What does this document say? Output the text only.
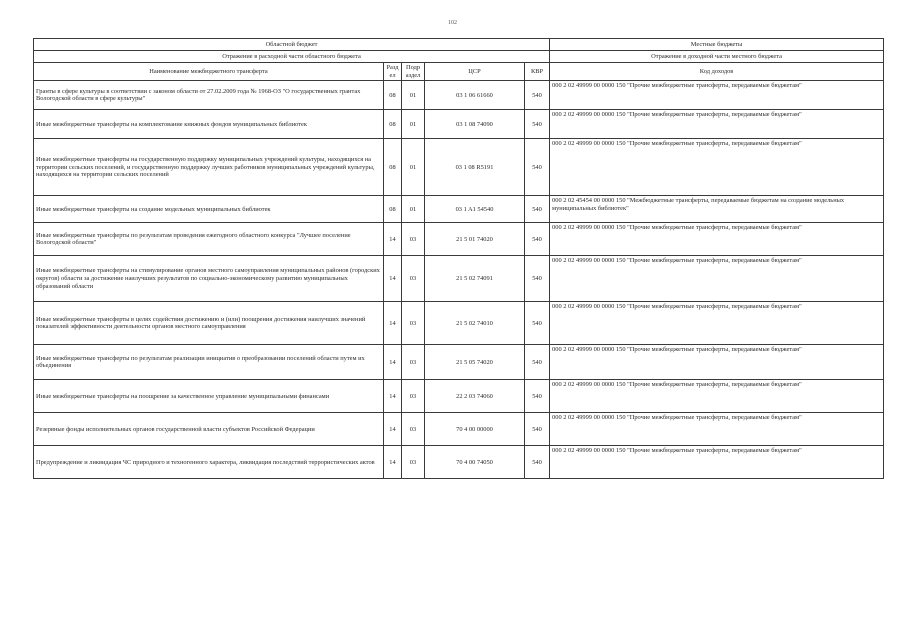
102
Областной бюджет					Местные бюджеты
Отражение в расходной части областного бюджета					Отражение в доходной части местного бюджета
Наименование межбюджетного трансферта	Разд ел	Подр аздел	ЦСР	КВР	Код доходов
Гранты в сфере культуры в соответствии с законом области от 27.02.2009 года № 1968-ОЗ "О государственных грантах Вологодской области в сфере культуры"	08	01	03 1 06 61660	540	000 2 02 49999 00 0000 150 "Прочие межбюджетные трансферты, передаваемые бюджетам"
Иные межбюджетные трансферты на комплектование книжных фондов муниципальных библиотек	08	01	03 1 08 74090	540	000 2 02 49999 00 0000 150 "Прочие межбюджетные трансферты, передаваемые бюджетам"
Иные межбюджетные трансферты на государственную поддержку муниципальных учреждений культуры, находящихся на территории сельских поселений, и государственную поддержку лучших работников муниципальных учреждений культуры, находящихся на территории сельских поселений	08	01	03 1 08 R5191	540	000 2 02 49999 00 0000 150 "Прочие межбюджетные трансферты, передаваемые бюджетам"
Иные межбюджетные трансферты на создание модельных муниципальных библиотек	08	01	03 1 A1 54540	540	000 2 02 45454 00 0000 150 "Межбюджетные трансферты, передаваемые бюджетам на создание модельных муниципальных библиотек"
Иные межбюджетные трансферты по результатам проведения ежегодного областного конкурса "Лучшее поселение Вологодской области"	14	03	21 5 01 74020	540	000 2 02 49999 00 0000 150 "Прочие межбюджетные трансферты, передаваемые бюджетам"
Иные межбюджетные трансферты на стимулирование органов местного самоуправления муниципальных районов (городских округов) области за достижение наилучших результатов по социально-экономическому развитию муниципальных образований области	14	03	21 5 02 74091	540	000 2 02 49999 00 0000 150 "Прочие межбюджетные трансферты, передаваемые бюджетам"
Иные межбюджетные трансферты в целях содействия достижению и (или) поощрения достижения наилучших значений показателей эффективности деятельности органов местного самоуправления	14	03	21 5 02 74010	540	000 2 02 49999 00 0000 150 "Прочие межбюджетные трансферты, передаваемые бюджетам"
Иные межбюджетные трансферты по результатам реализации инициатив о преобразовании поселений области путем их объединения	14	03	21 5 05 74020	540	000 2 02 49999 00 0000 150 "Прочие межбюджетные трансферты, передаваемые бюджетам"
Иные межбюджетные трансферты на поощрение за качественное управление муниципальными финансами	14	03	22 2 03 74060	540	000 2 02 49999 00 0000 150 "Прочие межбюджетные трансферты, передаваемые бюджетам"
Резервные фонды исполнительных органов государственной власти субъектов Российской Федерации	14	03	70 4 00 00000	540	000 2 02 49999 00 0000 150 "Прочие межбюджетные трансферты, передаваемые бюджетам"
Предупреждение и ликвидация ЧС природного и техногенного характера, ликвидация последствий террористических актов	14	03	70 4 00 74050	540	000 2 02 49999 00 0000 150 "Прочие межбюджетные трансферты, передаваемые бюджетам"
